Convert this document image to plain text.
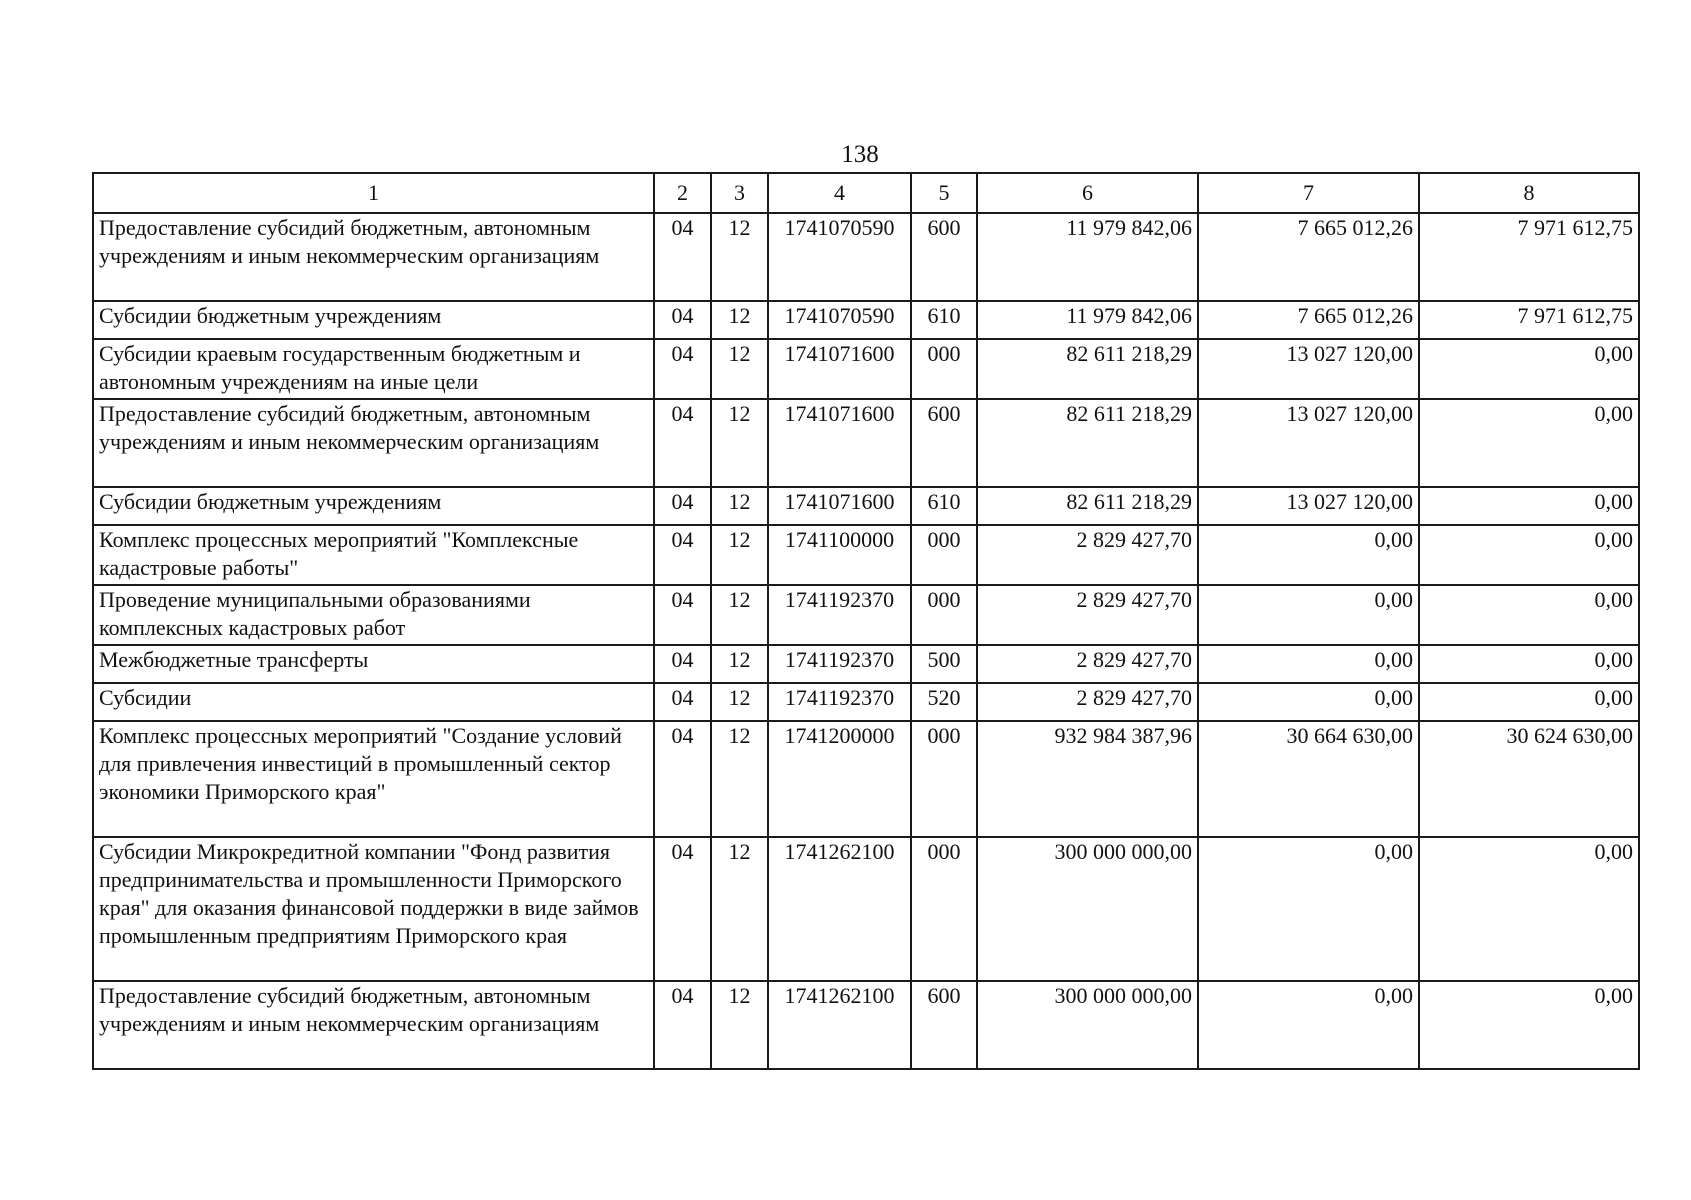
138
1	2	3	4	5	6	7	8
Предоставление субсидий бюджетным, автономным учреждениям и иным некоммерческим организациям	04	12	1741070590	600	11 979 842,06	7 665 012,26	7 971 612,75
Субсидии бюджетным учреждениям	04	12	1741070590	610	11 979 842,06	7 665 012,26	7 971 612,75
Субсидии краевым государственным бюджетным и автономным учреждениям на иные цели	04	12	1741071600	000	82 611 218,29	13 027 120,00	0,00
Предоставление субсидий бюджетным, автономным учреждениям и иным некоммерческим организациям	04	12	1741071600	600	82 611 218,29	13 027 120,00	0,00
Субсидии бюджетным учреждениям	04	12	1741071600	610	82 611 218,29	13 027 120,00	0,00
Комплекс процессных мероприятий "Комплексные кадастровые работы"	04	12	1741100000	000	2 829 427,70	0,00	0,00
Проведение муниципальными образованиями комплексных кадастровых работ	04	12	1741192370	000	2 829 427,70	0,00	0,00
Межбюджетные трансферты	04	12	1741192370	500	2 829 427,70	0,00	0,00
Субсидии	04	12	1741192370	520	2 829 427,70	0,00	0,00
Комплекс процессных мероприятий "Создание условий для привлечения инвестиций в промышленный сектор экономики Приморского края"	04	12	1741200000	000	932 984 387,96	30 664 630,00	30 624 630,00
Субсидии Микрокредитной компании "Фонд развития предпринимательства и промышленности Приморского края" для оказания финансовой поддержки в виде займов промышленным предприятиям Приморского края	04	12	1741262100	000	300 000 000,00	0,00	0,00
Предоставление субсидий бюджетным, автономным учреждениям и иным некоммерческим организациям	04	12	1741262100	600	300 000 000,00	0,00	0,00
